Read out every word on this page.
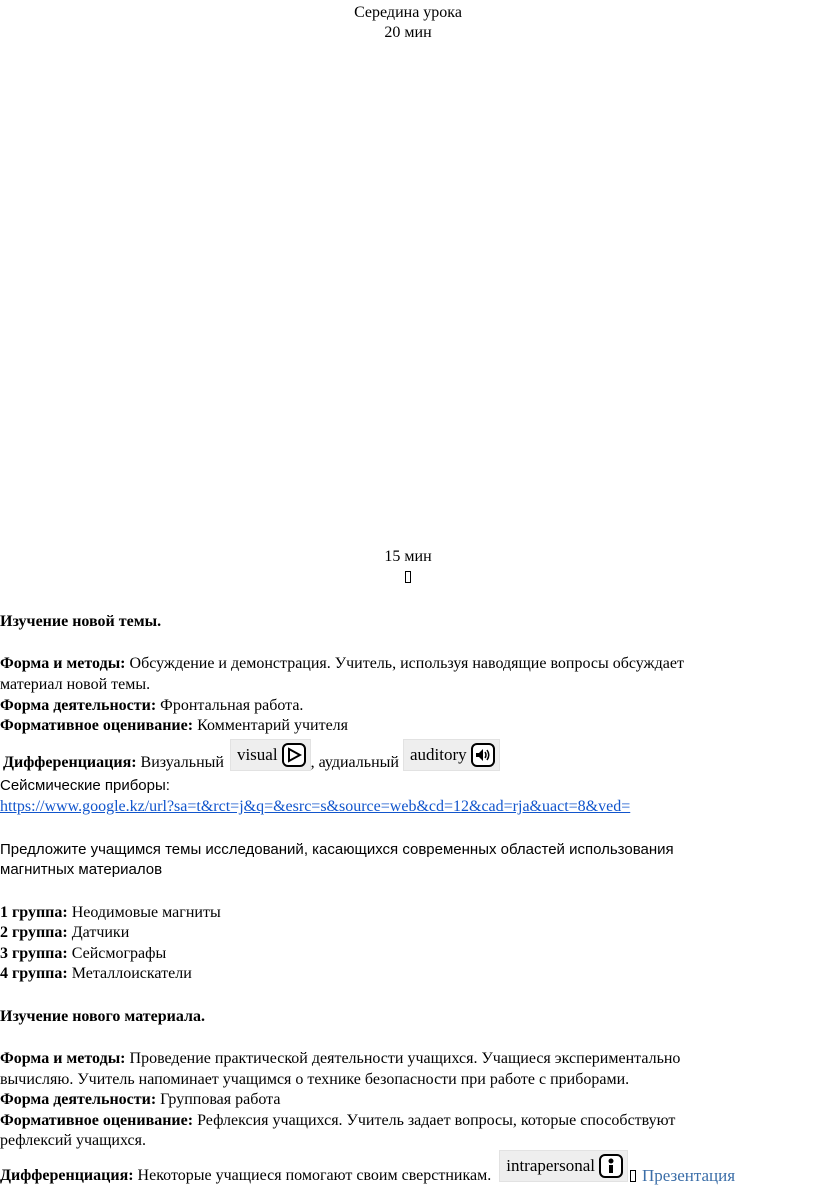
Середина урока
20 мин
15 мин
Изучение новой темы.
Форма и методы: Обсуждение и демонстрация. Учитель, используя наводящие вопросы обсуждает
материал новой темы.
Форма деятельности: Фронтальная работа.
Формативное оценивание: Комментарий учителя
Дифференциация: Визуальный visual , аудиальный auditory
Сейсмические приборы:
https://www.google.kz/url?sa=t&rct=j&q=&esrc=s&source=web&cd=12&cad=rja&uact=8&ved=
Предложите учащимся темы исследований, касающихся современных областей использования
магнитных материалов
1 группа: Неодимовые магниты
2 группа: Датчики
3 группа: Сейсмографы
4 группа: Металлоискатели
Изучение нового материала.
Форма и методы: Проведение практической деятельности учащихся. Учащиеся экспериментально
вычисляю. Учитель напоминает учащимся о технике безопасности при работе с приборами.
Форма деятельности: Групповая работа
Формативное оценивание: Рефлексия учащихся. Учитель задает вопросы, которые способствуют
рефлексий учащихся.
Дифференциация: Некоторые учащиеся помогают своим сверстникам.
intrapersonal
Презентация
